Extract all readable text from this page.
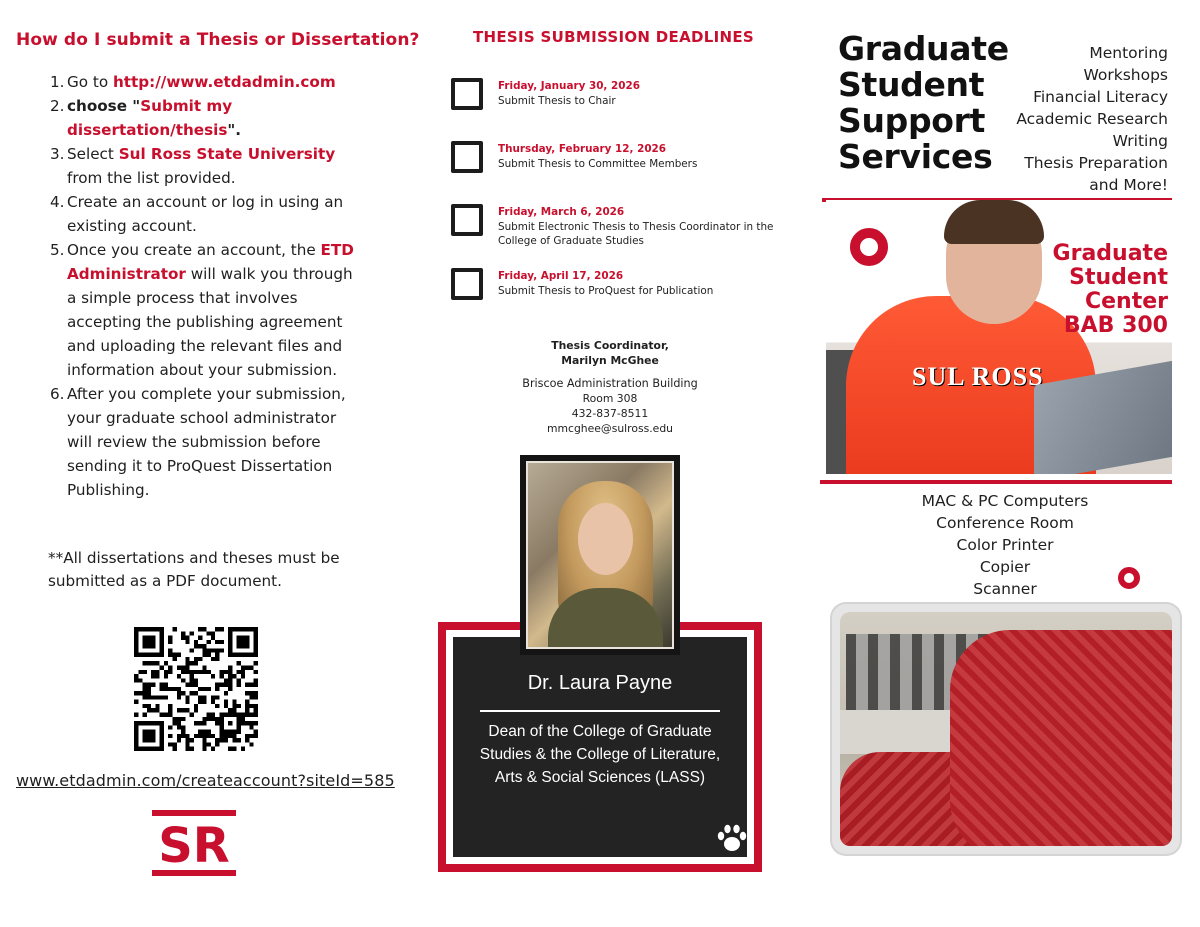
How do I submit a Thesis or Dissertation?
1. Go to http://www.etdadmin.com
2. choose "Submit my dissertation/thesis".
3. Select Sul Ross State University from the list provided.
4. Create an account or log in using an existing account.
5. Once you create an account, the ETD Administrator will walk you through a simple process that involves accepting the publishing agreement and uploading the relevant files and information about your submission.
6. After you complete your submission, your graduate school administrator will review the submission before sending it to ProQuest Dissertation Publishing.

**All dissertations and theses must be submitted as a PDF document.

www.etdadmin.com/createaccount?siteId=585
SR
THESIS SUBMISSION DEADLINES
Friday, January 30, 2026
Submit Thesis to Chair
Thursday, February 12, 2026
Submit Thesis to Committee Members
Friday, March 6, 2026
Submit Electronic Thesis to Thesis Coordinator in the College of Graduate Studies
Friday, April 17, 2026
Submit Thesis to ProQuest for Publication
Thesis Coordinator,
Marilyn McGhee
Briscoe Administration Building
Room 308
432-837-8511
mmcghee@sulross.edu
Dr. Laura Payne
Dean of the College of Graduate Studies & the College of Literature, Arts & Social Sciences (LASS)
Graduate
Student
Support
Services
Mentoring
Workshops
Financial Literacy
Academic Research
Writing
Thesis Preparation
and More!
SUL ROSS
Graduate
Student
Center
BAB 300
MAC & PC Computers
Conference Room
Color Printer
Copier
Scanner
